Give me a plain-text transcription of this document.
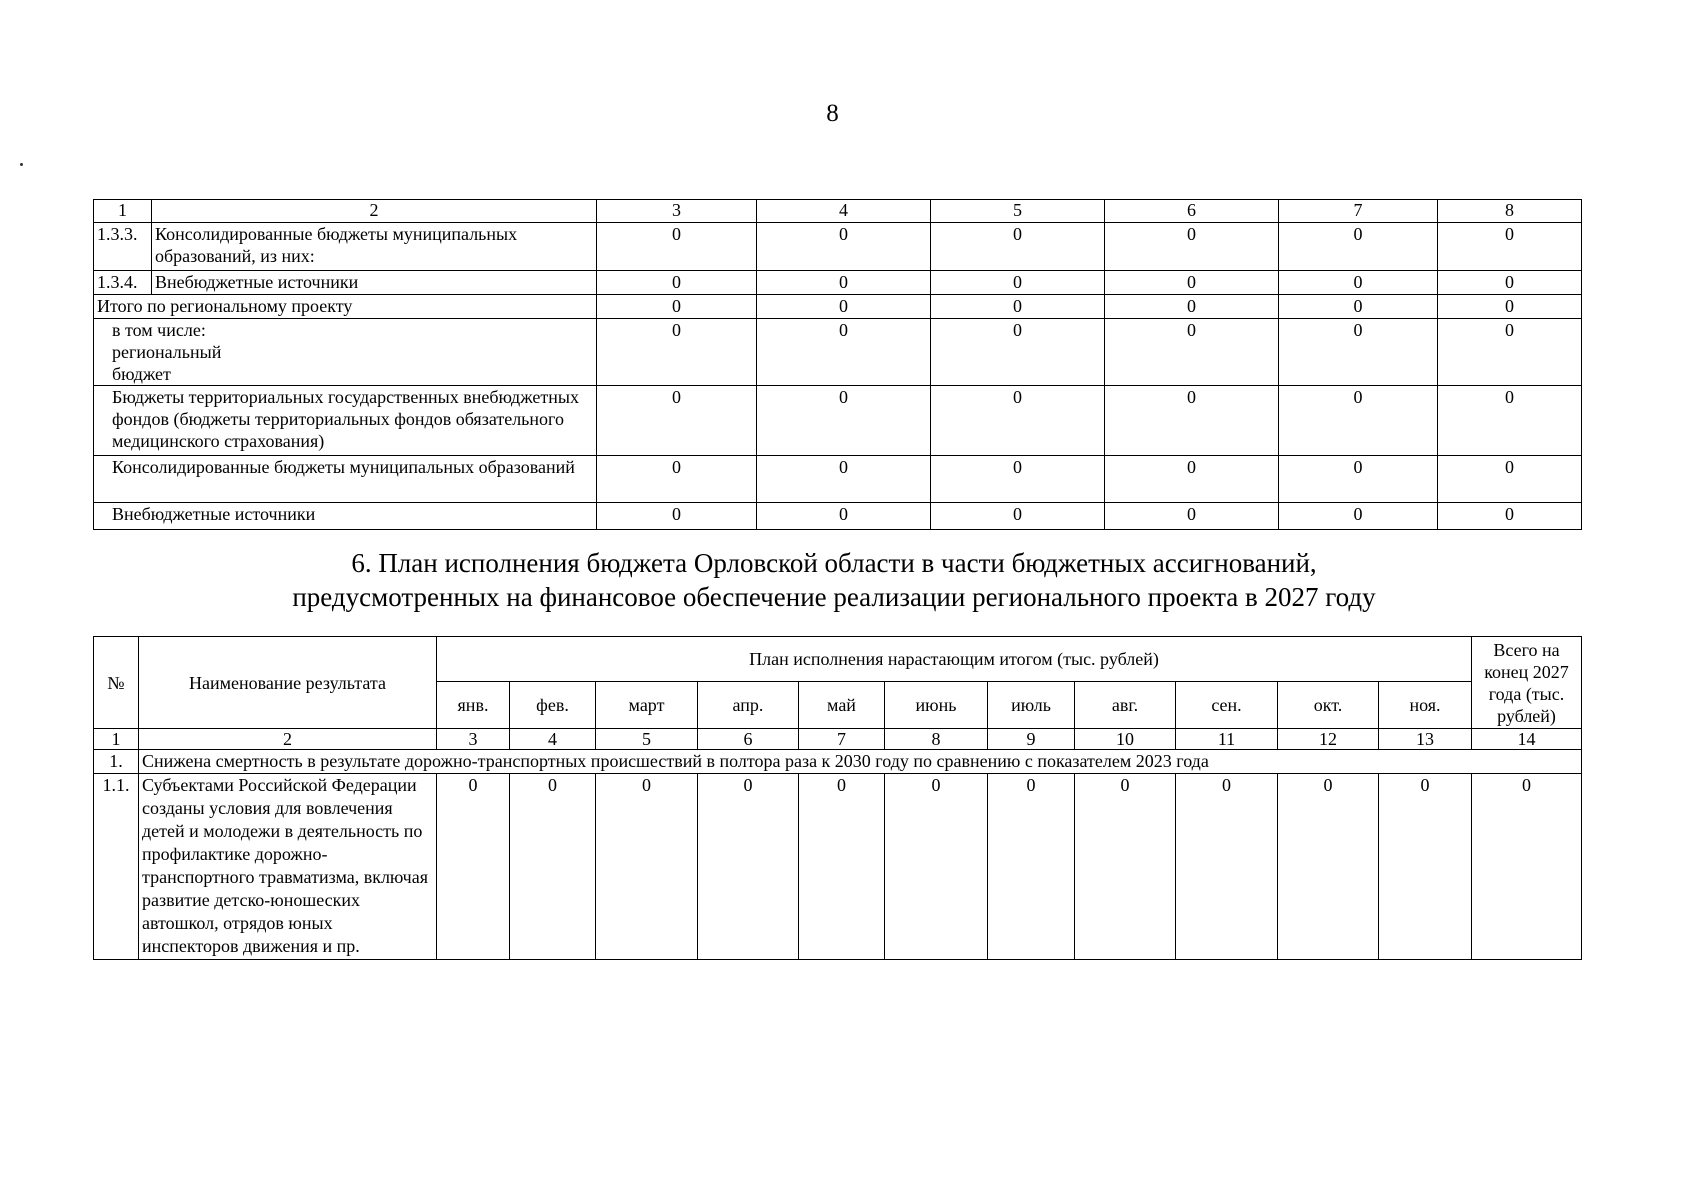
8
1	2	3	4	5	6	7	8
1.3.3.	Консолидированные бюджеты муниципальных образований, из них:	0	0	0	0	0	0
1.3.4.	Внебюджетные источники	0	0	0	0	0	0
Итого по региональному проекту		0	0	0	0	0	0
в том числе: региональный бюджет		0	0	0	0	0	0
Бюджеты территориальных государственных внебюджетных фондов (бюджеты территориальных фондов обязательного медицинского страхования)		0	0	0	0	0	0
Консолидированные бюджеты муниципальных образований		0	0	0	0	0	0
Внебюджетные источники		0	0	0	0	0	0
6. План исполнения бюджета Орловской области в части бюджетных ассигнований,
предусмотренных на финансовое обеспечение реализации регионального проекта в 2027 году
№	Наименование результата	План исполнения нарастающим итогом (тыс. рублей)											Всего на конец 2027 года (тыс. рублей)
		янв.	фев.	март	апр.	май	июнь	июль	авг.	сен.	окт.	ноя.	
1	2	3	4	5	6	7	8	9	10	11	12	13	14
1.	Снижена смертность в результате дорожно-транспортных происшествий в полтора раза к 2030 году по сравнению с показателем 2023 года												
1.1.	Субъектами Российской Федерации созданы условия для вовлечения детей и молодежи в деятельность по профилактике дорожно-транспортного травматизма, включая развитие детско-юношеских автошкол, отрядов юных инспекторов движения и пр.	0	0	0	0	0	0	0	0	0	0	0	0
